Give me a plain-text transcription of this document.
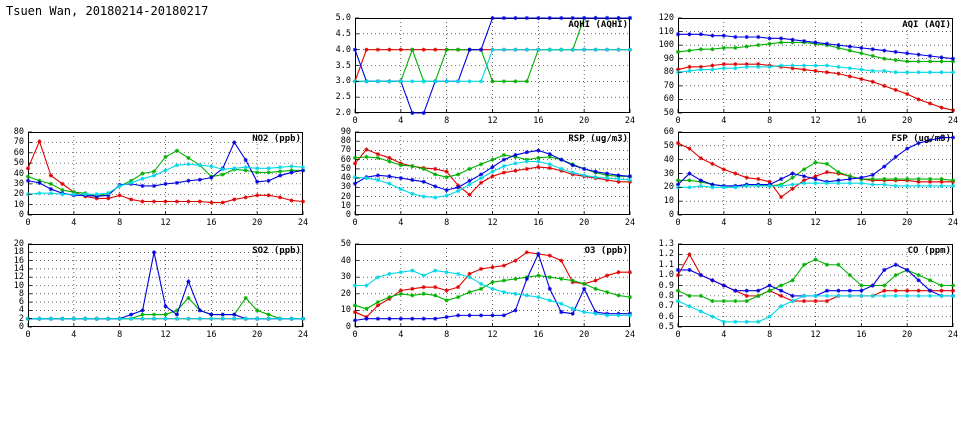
Tsuen Wan, 20180214-20180217
AQHI (AQHI)
2.0
2.5
3.0
3.5
4.0
4.5
5.0
0	4	8	12	16	20	24
AQI (AQI)
50
60
70
80
90
100
110
120
0	4	8	12	16	20	24
NO2 (ppb)
0
10
20
30
40
50
60
70
80
0	4	8	12	16	20	24
RSP (ug/m3)
0
10
20
30
40
50
60
70
80
90
0	4	8	12	16	20	24
FSP (ug/m3)
0
10
20
30
40
50
60
0	4	8	12	16	20	24
SO2 (ppb)
0
2
4
6
8
10
12
14
16
18
20
0	4	8	12	16	20	24
O3 (ppb)
0
10
20
30
40
50
0	4	8	12	16	20	24
CO (ppm)
0.5
0.6
0.7
0.8
0.9
1.0
1.1
1.2
1.3
0	4	8	12	16	20	24
